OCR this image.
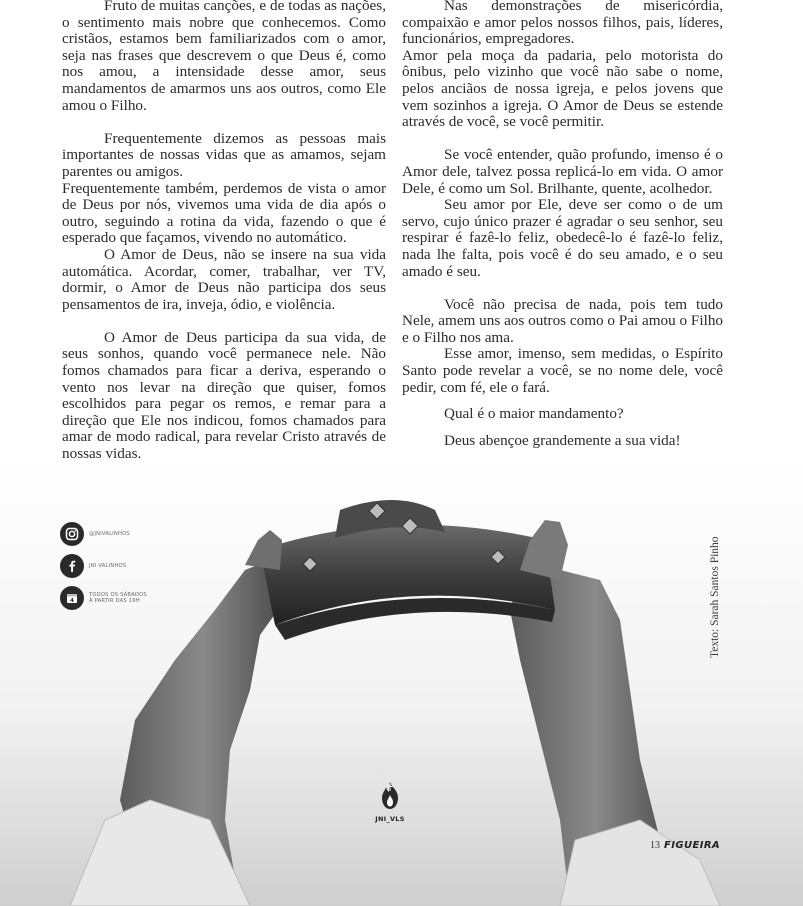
Fruto de muitas canções, e de todas as nações, o sentimento mais nobre que conhecemos. Como cristãos, estamos bem familiarizados com o amor, seja nas frases que descrevem o que Deus é, como nos amou, a intensidade desse amor, seus mandamentos de amarmos uns aos outros, como Ele amou o Filho.

Frequentemente dizemos as pessoas mais importantes de nossas vidas que as amamos, sejam parentes ou amigos.

Frequentemente também, perdemos de vista o amor de Deus por nós, vivemos uma vida de dia após o outro, seguindo a rotina da vida, fazendo o que é esperado que façamos, vivendo no automático.

O Amor de Deus, não se insere na sua vida automática. Acordar, comer, trabalhar, ver TV, dormir, o Amor de Deus não participa dos seus pensamentos de ira, inveja, ódio, e violência.

O Amor de Deus participa da sua vida, de seus sonhos, quando você permanece nele. Não fomos chamados para ficar a deriva, esperando o vento nos levar na direção que quiser, fomos escolhidos para pegar os remos, e remar para a direção que Ele nos indicou, fomos chamados para amar de modo radical, para revelar Cristo através de nossas vidas.

Nas demonstrações de misericórdia, compaixão e amor pelos nossos filhos, pais, líderes, funcionários, empregadores.

Amor pela moça da padaria, pelo motorista do ônibus, pelo vizinho que você não sabe o nome, pelos anciãos de nossa igreja, e pelos jovens que vem sozinhos a igreja. O Amor de Deus se estende através de você, se você permitir.

Se você entender, quão profundo, imenso é o Amor dele, talvez possa replicá-lo em vida. O amor Dele, é como um Sol. Brilhante, quente, acolhedor.

Seu amor por Ele, deve ser como o de um servo, cujo único prazer é agradar o seu senhor, seu respirar é fazê-lo feliz, obedecê-lo é fazê-lo feliz, nada lhe falta, pois você é do seu amado, e o seu amado é seu.

Você não precisa de nada, pois tem tudo Nele, amem uns aos outros como o Pai amou o Filho e o Filho nos ama.

Esse amor, imenso, sem medidas, o Espírito Santo pode revelar a você, se no nome dele, você pedir, com fé, ele o fará.

Qual é o maior mandamento?

Deus abençoe grandemente a sua vida!

@JNIVALINHOS
JNI VALINHOS
4
TODOS OS SÁBADOS
À PARTIR DAS 19H	Texto: Sarah Santos Pinho
JNI_VLS
13 FIGUEIRA
